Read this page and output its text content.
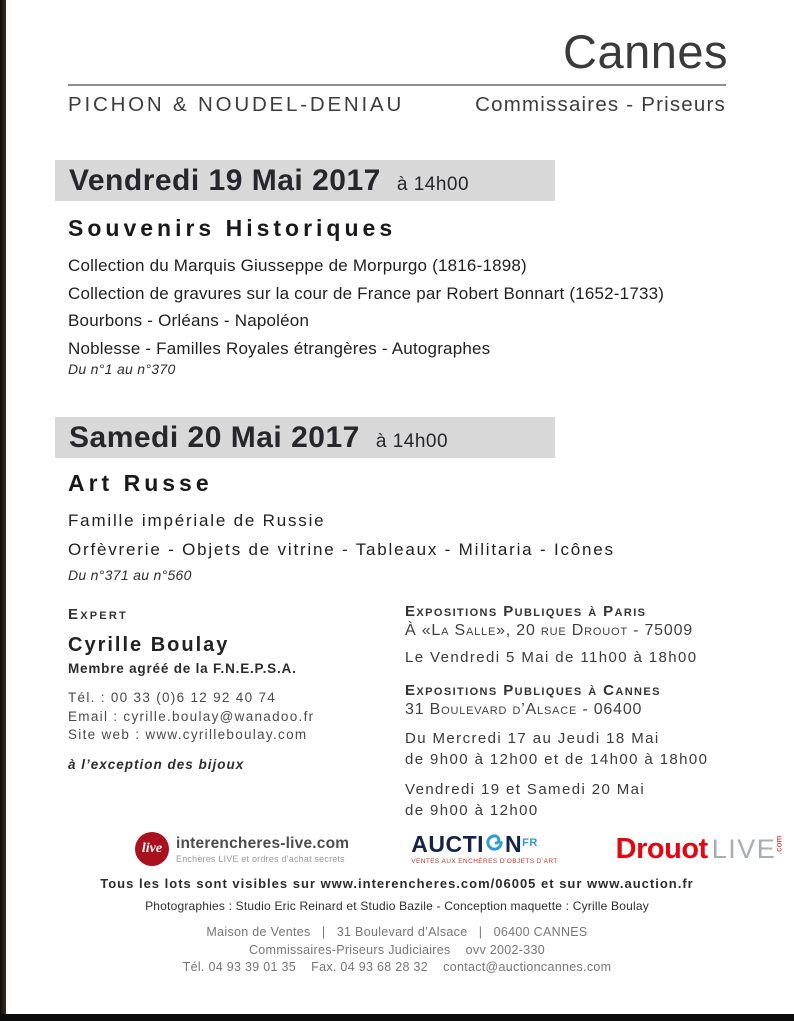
Cannes
PICHON & NOUDEL-DENIAU	Commissaires - Priseurs
Vendredi 19 Mai 2017 à 14h00
Souvenirs Historiques
Collection du Marquis Giusseppe de Morpurgo (1816-1898)
Collection de gravures sur la cour de France par Robert Bonnart (1652-1733)
Bourbons - Orléans - Napoléon
Noblesse - Familles Royales étrangères - Autographes
Du n°1 au n°370
Samedi 20 Mai 2017 à 14h00
Art Russe
Famille impériale de Russie
Orfèvrerie - Objets de vitrine - Tableaux - Militaria - Icônes
Du n°371 au n°560
Expert
Cyrille Boulay
Membre agréé de la F.N.E.P.S.A.
Tél. : 00 33 (0)6 12 92 40 74
Email : cyrille.boulay@wanadoo.fr
Site web : www.cyrilleboulay.com
à l’exception des bijoux
Expositions Publiques à Paris
À «La Salle», 20 rue Drouot - 75009
Le Vendredi 5 Mai de 11h00 à 18h00
Expositions Publiques à Cannes
31 Boulevard d’Alsace - 06400
Du Mercredi 17 au Jeudi 18 Mai
de 9h00 à 12h00 et de 14h00 à 18h00
Vendredi 19 et Samedi 20 Mai
de 9h00 à 12h00
live interencheres-live.com
Enchères LIVE et ordres d’achat secrets
AUCTI N FR
VENTES AUX ENCHÈRES D’OBJETS D’ART Drouot LIVE
.com
Tous les lots sont visibles sur www.interencheres.com/06005 et sur www.auction.fr
Photographies : Studio Eric Reinard et Studio Bazile - Conception maquette : Cyrille Boulay
Maison de Ventes   |   31 Boulevard d’Alsace   |   06400 CANNES
Commissaires-Priseurs Judiciaires    ovv 2002-330
Tél. 04 93 39 01 35    Fax. 04 93 68 28 32    contact@auctioncannes.com
